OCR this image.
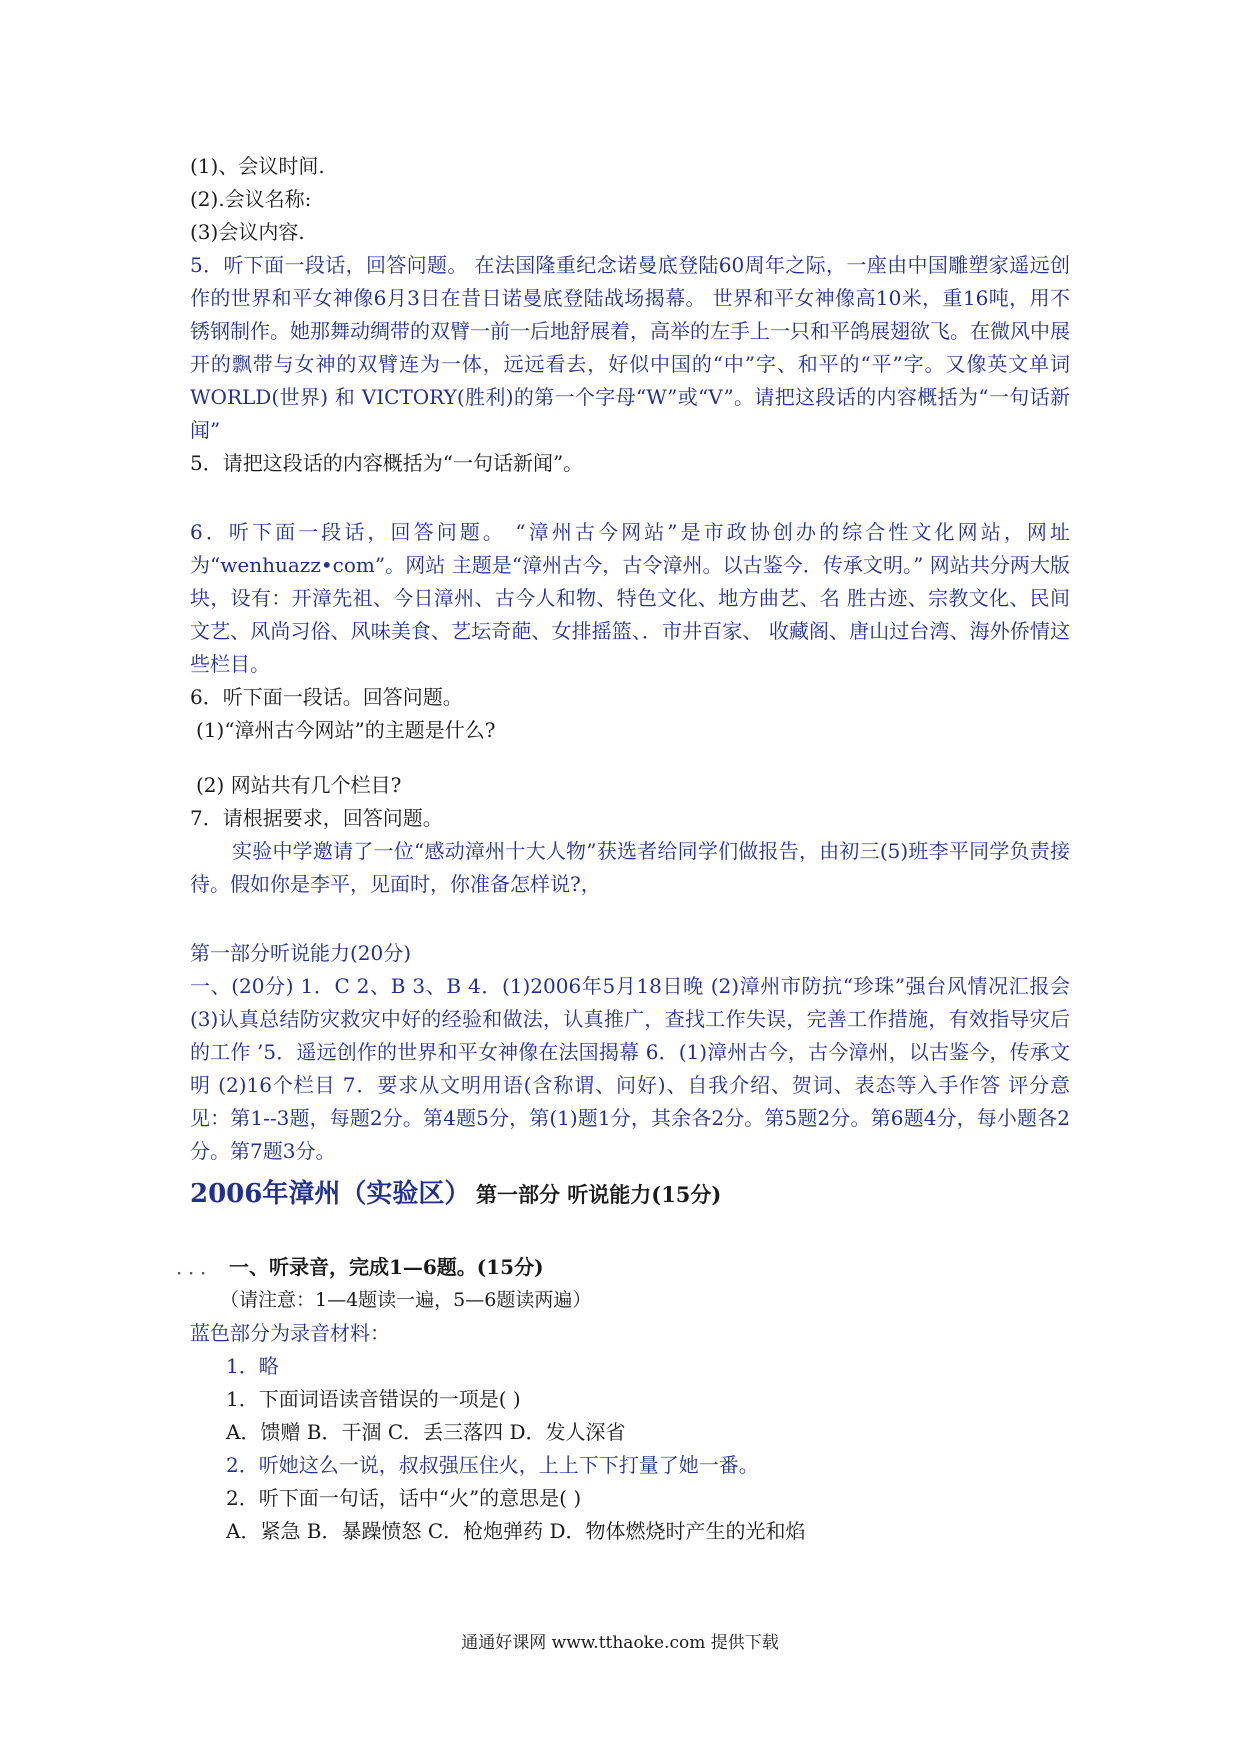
(1)、会议时间.
(2).会议名称:
(3)会议内容.
5．听下面一段话，回答问题。 在法国隆重纪念诺曼底登陆60周年之际，一座由中国雕塑家遥远创作的世界和平女神像6月3日在昔日诺曼底登陆战场揭幕。 世界和平女神像高10米，重16吨，用不锈钢制作。她那舞动绸带的双臂一前一后地舒展着，高举的左手上一只和平鸽展翅欲飞。在微风中展开的飘带与女神的双臂连为一体，远远看去，好似中国的“中”字、和平的“平”字。又像英文单词 WORLD(世界) 和 VICTORY(胜利)的第一个字母“W”或“V”。请把这段话的内容概括为“一句话新闻”
5．请把这段话的内容概括为“一句话新闻”。
6．听下面一段话，回答问题。 “漳州古今网站”是市政协创办的综合性文化网站，网址为“wenhuazz•com”。网站 主题是“漳州古今，古令漳州。以古鉴今．传承文明。” 网站共分两大版块，设有：开漳先祖、今日漳州、古今人和物、特色文化、地方曲艺、名 胜古迹、宗教文化、民间文艺、风尚习俗、风味美食、艺坛奇葩、女排摇篮、．市井百家、 收藏阁、唐山过台湾、海外侨情这些栏目。
6．听下面一段话。回答问题。
(1)“漳州古今网站”的主题是什么?
(2) 网站共有几个栏目?
7．请根据要求，回答问题。
实验中学邀请了一位“感动漳州十大人物”获选者给同学们做报告，由初三(5)班李平同学负责接待。假如你是李平，见面时，你准备怎样说?，
第一部分听说能力(20分)
一、(20分) 1．C 2、B 3、B 4．(1)2006年5月18日晚 (2)漳州市防抗“珍珠”强台风情况汇报会 (3)认真总结防灾救灾中好的经验和做法，认真推广，查找工作失误，完善工作措施，有效指导灾后的工作 ’5．遥远创作的世界和平女神像在法国揭幕 6．(1)漳州古今，古今漳州，以古鉴今，传承文明 (2)16个栏目 7．要求从文明用语(含称谓、问好)、自我介绍、贺词、表态等入手作答 评分意见：第1--3题，每题2分。第4题5分，第(1)题1分，其余各2分。第5题2分。第6题4分，每小题各2分。第7题3分。
2006年漳州（实验区） 第一部分 听说能力(15分)
．．． 一、听录音，完成1—6题。(15分)
（请注意：1—4题读一遍，5—6题读两遍）
蓝色部分为录音材料：
1．略
1．下面词语读音错误的一项是( )
A．馈赠 B．干涸 C．丢三落四 D．发人深省
2．听她这么一说，叔叔强压住火，上上下下打量了她一番。
2．听下面一句话，话中“火”的意思是( )
A．紧急 B．暴躁愤怒 C．枪炮弹药 D．物体燃烧时产生的光和焰
通通好课网 www.tthaoke.com 提供下载
